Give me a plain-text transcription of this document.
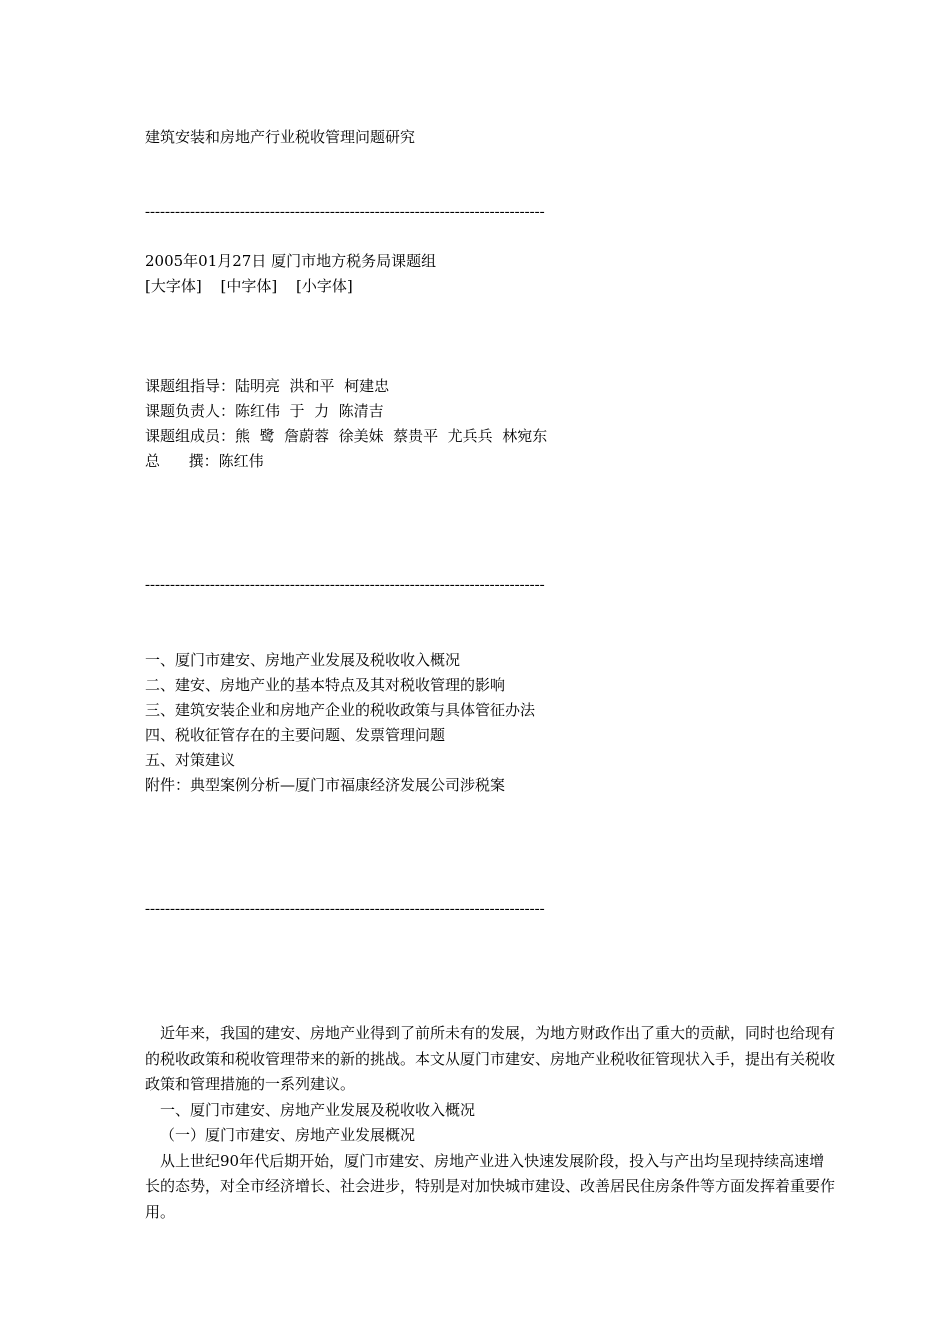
建筑安装和房地产行业税收管理问题研究
--------------------------------------------------------------------------------
2005年01月27日 厦门市地方税务局课题组
[大字体] [中字体] [小字体]
课题组指导：陆明亮  洪和平  柯建忠
课题负责人：陈红伟  于  力  陈清吉
课题组成员：熊  鹭  詹蔚蓉  徐美妹  蔡贵平  尤兵兵  林宛东
总      撰：陈红伟
--------------------------------------------------------------------------------
一、厦门市建安、房地产业发展及税收收入概况
二、建安、房地产业的基本特点及其对税收管理的影响
三、建筑安装企业和房地产企业的税收政策与具体管征办法
四、税收征管存在的主要问题、发票管理问题
五、对策建议
附件：典型案例分析—厦门市福康经济发展公司涉税案
--------------------------------------------------------------------------------

近年来，我国的建安、房地产业得到了前所未有的发展，为地方财政作出了重大的贡献，同时也给现有的税收政策和税收管理带来的新的挑战。本文从厦门市建安、房地产业税收征管现状入手，提出有关税收政策和管理措施的一系列建议。

一、厦门市建安、房地产业发展及税收收入概况

（一）厦门市建安、房地产业发展概况

从上世纪90年代后期开始，厦门市建安、房地产业进入快速发展阶段，投入与产出均呈现持续高速增长的态势，对全市经济增长、社会进步，特别是对加快城市建设、改善居民住房条件等方面发挥着重要作用。
